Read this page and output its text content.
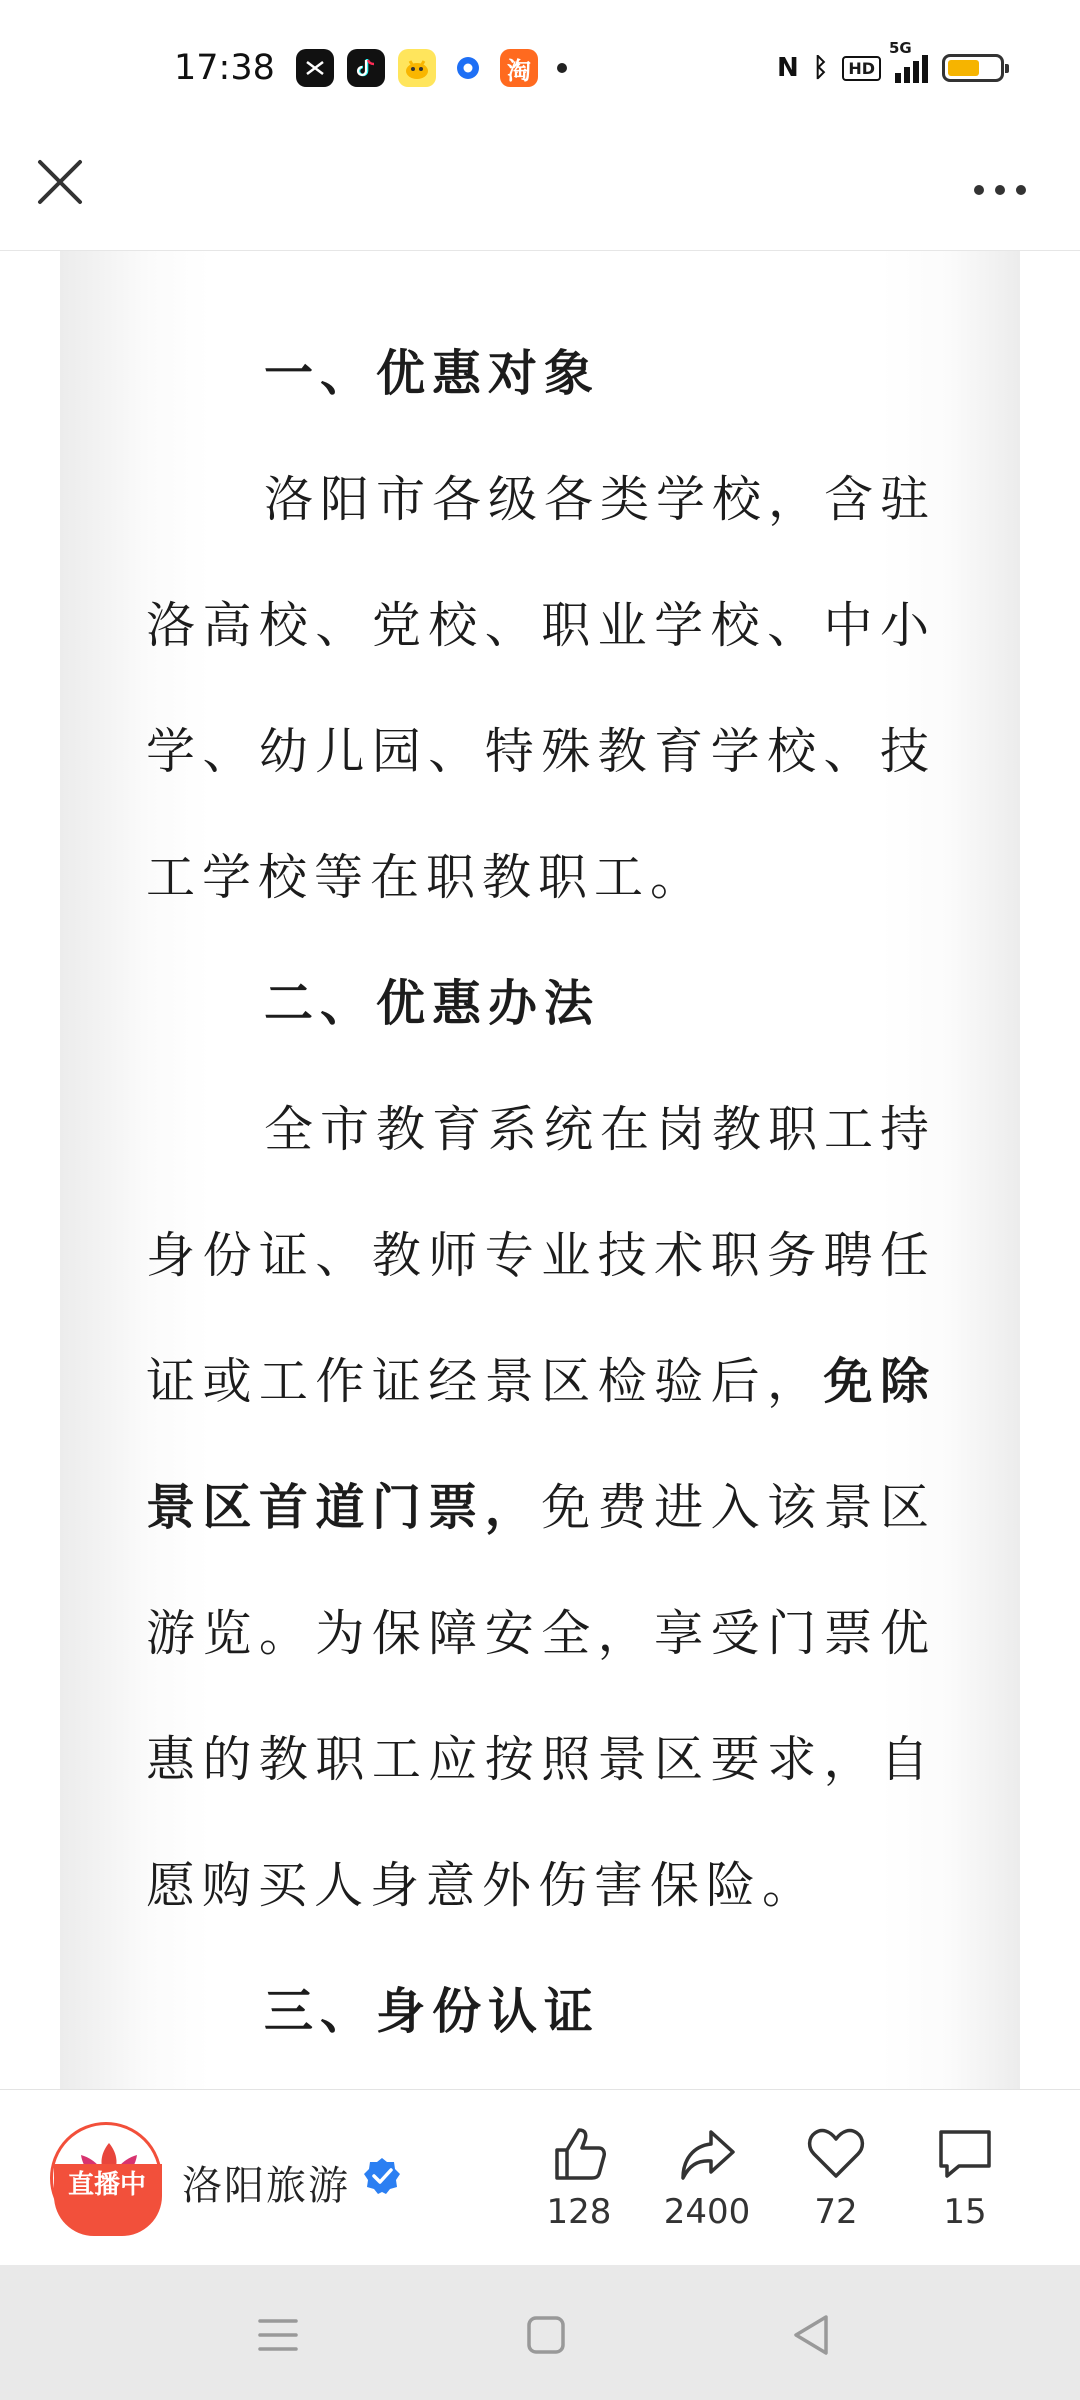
17:38	淘	N ᛒ	HD
5G

一、优惠对象

洛阳市各级各类学校，含驻洛高校、党校、职业学校、中小学、幼儿园、特殊教育学校、技工学校等在职教职工。

二、优惠办法

全市教育系统在岗教职工持身份证、教师专业技术职务聘任证或工作证经景区检验后，免除景区首道门票，免费进入该景区游览。为保障安全，享受门票优惠的教职工应按照景区要求，自愿购买人身意外伤害保险。

三、身份认证

直播中 洛阳旅游
128	2400	72	15
